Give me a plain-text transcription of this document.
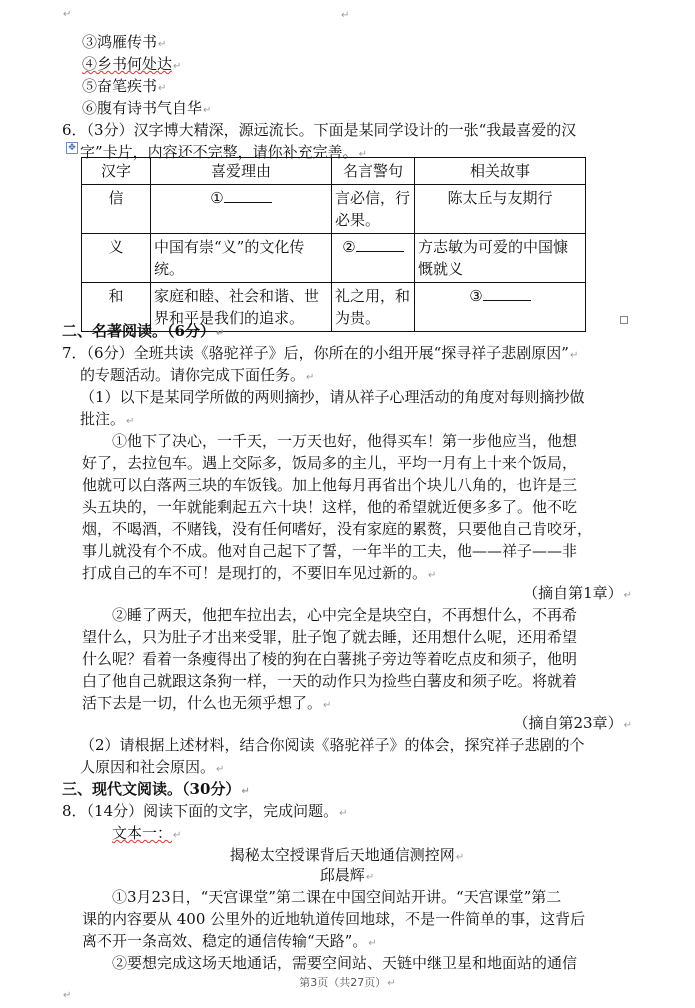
↵	↵
③鸿雁传书↵
④乡书何处达↵
⑤奋笔疾书↵
⑥腹有诗书气自华↵
6．（3分）汉字博大精深，源远流长。下面是某同学设计的一张“我最喜爱的汉
✥ 字”卡片，内容还不完整，请你补充完善。↵
汉字	喜爱理由	名言警句	相关故事
信	①	言必信，行必果。	陈太丘与友期行
义	中国有崇“义”的文化传统。	②	方志敏为可爱的中国慷慨就义
和	家庭和睦、社会和谐、世界和平是我们的追求。	礼之用，和为贵。	③
二、名著阅读。（6分）↵
7．（6分）全班共读《骆驼祥子》后，你所在的小组开展“探寻祥子悲剧原因”↵
的专题活动。请你完成下面任务。↵
（1）以下是某同学所做的两则摘抄，请从祥子心理活动的角度对每则摘抄做
批注。↵
①他下了决心，一千天，一万天也好，他得买车！第一步他应当，他想
好了，去拉包车。遇上交际多，饭局多的主儿，平均一月有上十来个饭局，
他就可以白落两三块的车饭钱。加上他每月再省出个块儿八角的，也许是三
头五块的，一年就能剩起五六十块！这样，他的希望就近便多多了。他不吃
烟，不喝酒，不赌钱，没有任何嗜好，没有家庭的累赘，只要他自己肯咬牙，
事儿就没有个不成。他对自己起下了誓，一年半的工夫，他——祥子——非
打成自己的车不可！是现打的，不要旧车见过新的。↵
（摘自第1章）↵
②睡了两天，他把车拉出去，心中完全是块空白，不再想什么，不再希
望什么，只为肚子才出来受罪，肚子饱了就去睡，还用想什么呢，还用希望
什么呢？看着一条瘦得出了棱的狗在白薯挑子旁边等着吃点皮和须子，他明
白了他自己就跟这条狗一样，一天的动作只为捡些白薯皮和须子吃。将就着
活下去是一切，什么也无须乎想了。↵
（摘自第23章）↵
（2）请根据上述材料，结合你阅读《骆驼祥子》的体会，探究祥子悲剧的个
人原因和社会原因。↵
三、现代文阅读。（30分）↵
8．（14分）阅读下面的文字，完成问题。↵
文本一：↵
揭秘太空授课背后天地通信测控网↵
邱晨辉↵
①3月23日，“天宫课堂”第二课在中国空间站开讲。“天宫课堂”第二
课的内容要从 400 公里外的近地轨道传回地球，不是一件简单的事，这背后
离不开一条高效、稳定的通信传输“天路”。↵
②要想完成这场天地通话，需要空间站、天链中继卫星和地面站的通信
第3页（共27页）↵
↵
